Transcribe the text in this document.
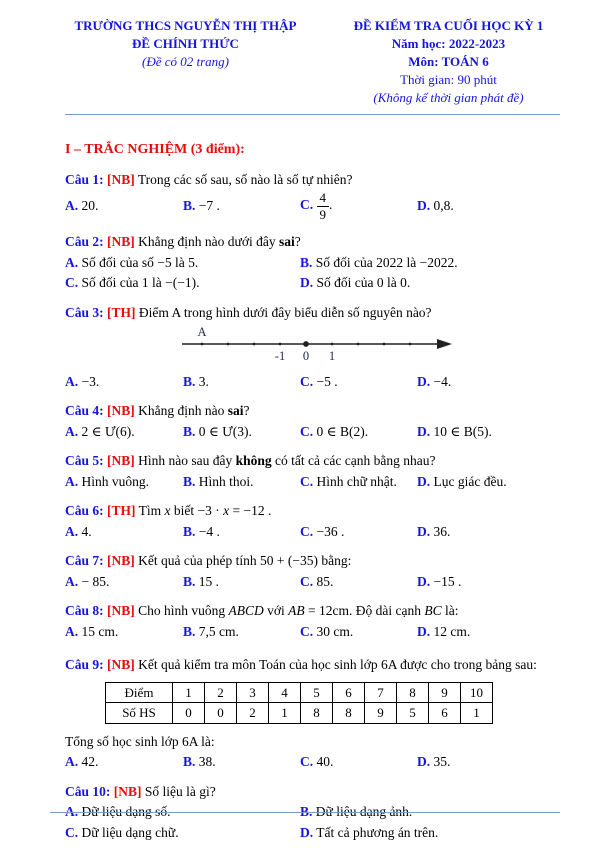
TRƯỜNG THCS NGUYỄN THỊ THẬP
ĐỀ CHÍNH THỨC
(Đề có 02 trang)
ĐỀ KIỂM TRA CUỐI HỌC KỲ 1
Năm học: 2022-2023
Môn: TOÁN 6
Thời gian: 90 phút
(Không kể thời gian phát đề)
I – TRẮC NGHIỆM (3 điểm):
Câu 1: [NB] Trong các số sau, số nào là số tự nhiên?
A. 20.	B. −7 .	C. $\frac{4}{9}$ .	D. 0,8.
Câu 2: [NB] Khẳng định nào dưới đây sai?
A. Số đối của số −5 là 5.	B. Số đối của 2022 là −2022.
C. Số đối của 1 là −(−1).	D. Số đối của 0 là 0.
Câu 3: [TH] Điểm A trong hình dưới đây biểu diễn số nguyên nào?
A
-1 0 1
A. −3.	B. 3.	C. −5 .	D. −4.
Câu 4: [NB] Khẳng định nào sai?
A. 2 ∈ Ư(6).	B. 0 ∈ Ư(3).	C. 0 ∈ B(2).	D. 10 ∈ B(5).
Câu 5: [NB] Hình nào sau đây không có tất cả các cạnh bằng nhau?
A. Hình vuông.	B. Hình thoi.	C. Hình chữ nhật.	D. Lục giác đều.
Câu 6: [TH] Tìm x biết −3 · x = −12 .
A. 4.	B. −4 .	C. −36 .	D. 36.
Câu 7: [NB] Kết quả của phép tính 50 + (−35) bằng:
A. − 85.	B. 15 .	C. 85.	D. −15 .
Câu 8: [NB] Cho hình vuông ABCD với AB = 12cm. Độ dài cạnh BC là:
A. 15 cm.	B. 7,5 cm.	C. 30 cm.	D. 12 cm.
Câu 9: [NB] Kết quả kiểm tra môn Toán của học sinh lớp 6A được cho trong bảng sau:
Điểm	1	2	3	4	5	6	7	8	9	10
Số HS	0	0	2	1	8	8	9	5	6	1
Tổng số học sinh lớp 6A là:
A. 42.	B. 38.	C. 40.	D. 35.
Câu 10: [NB] Số liệu là gì?
A. Dữ liệu dạng số.	B. Dữ liệu dạng ảnh.
C. Dữ liệu dạng chữ.	D. Tất cả phương án trên.
